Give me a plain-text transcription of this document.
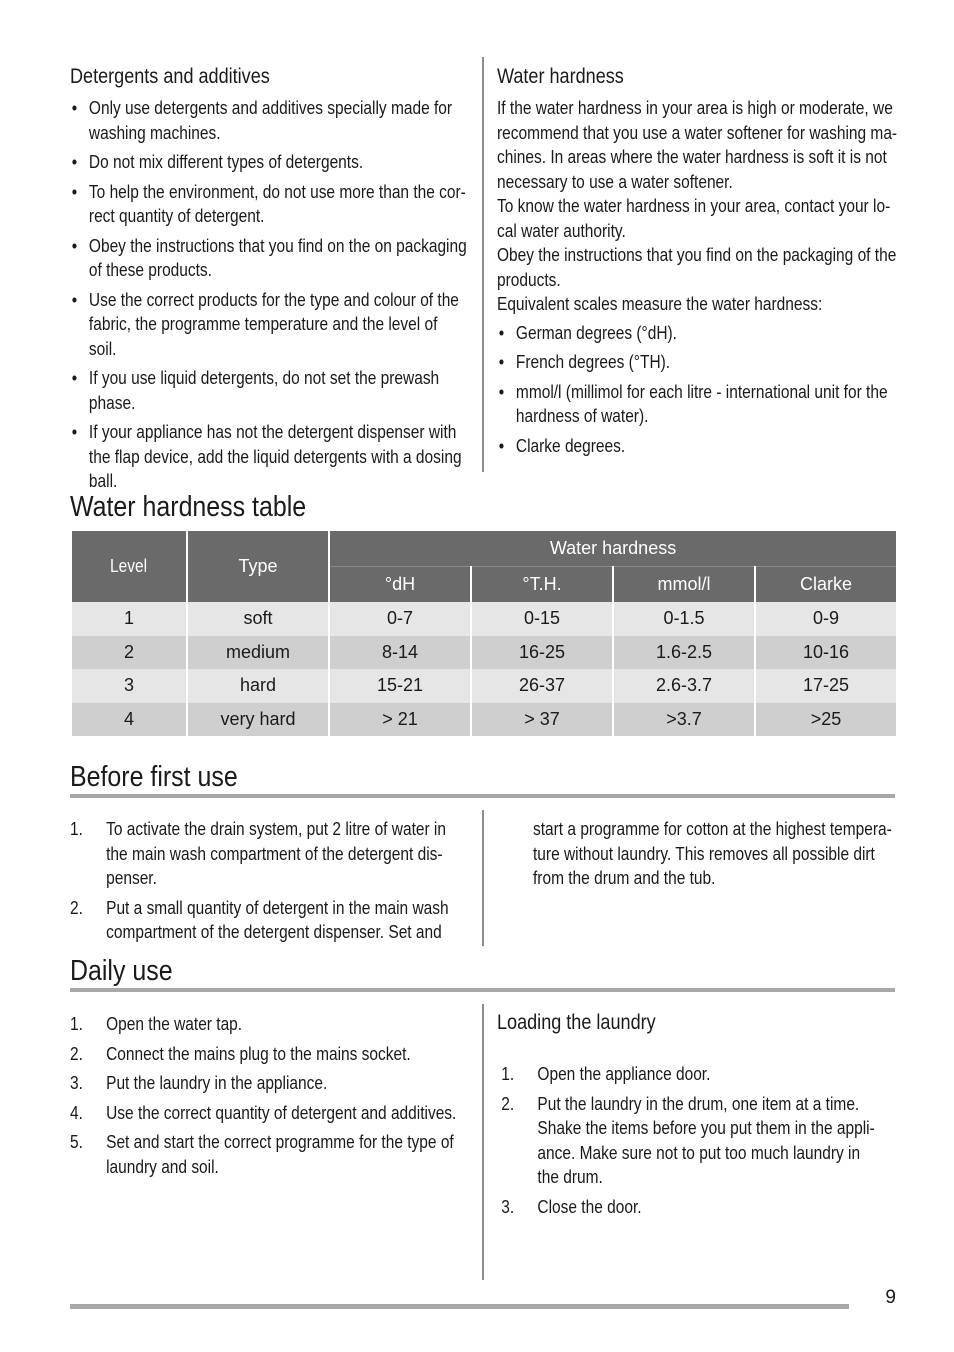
Detergents and additives
• Only use detergents and additives specially made for washing machines.
• Do not mix different types of detergents.
• To help the environment, do not use more than the cor-rect quantity of detergent.
• Obey the instructions that you find on the on packaging of these products.
• Use the correct products for the type and colour of the fabric, the programme temperature and the level of soil.
• If you use liquid detergents, do not set the prewash phase.
• If your appliance has not the detergent dispenser with the flap device, add the liquid detergents with a dosing ball.
Water hardness

If the water hardness in your area is high or moderate, we recommend that you use a water softener for washing ma-chines. In areas where the water hardness is soft it is not necessary to use a water softener.

To know the water hardness in your area, contact your lo-cal water authority.

Obey the instructions that you find on the packaging of the products.

Equivalent scales measure the water hardness:

• German degrees (°dH).
• French degrees (°TH).
• mmol/l (millimol for each litre - international unit for the hardness of water).
• Clarke degrees.
Water hardness table
Level	Type	Water hardness			
		°dH	°T.H.	mmol/l	Clarke
1	soft	0-7	0-15	0-1.5	0-9
2	medium	8-14	16-25	1.6-2.5	10-16
3	hard	15-21	26-37	2.6-3.7	17-25
4	very hard	> 21	> 37	>3.7	>25
Before first use
1. To activate the drain system, put 2 litre of water in the main wash compartment of the detergent dis-penser.
2. Put a small quantity of detergent in the main wash compartment of the detergent dispenser. Set and

start a programme for cotton at the highest tempera-ture without laundry. This removes all possible dirt from the drum and the tub.

Daily use
1. Open the water tap.
2. Connect the mains plug to the mains socket.
3. Put the laundry in the appliance.
4. Use the correct quantity of detergent and additives.
5. Set and start the correct programme for the type of laundry and soil.
Loading the laundry
1. Open the appliance door.
2. Put the laundry in the drum, one item at a time. Shake the items before you put them in the appli-ance. Make sure not to put too much laundry in the drum.
3. Close the door.
9
